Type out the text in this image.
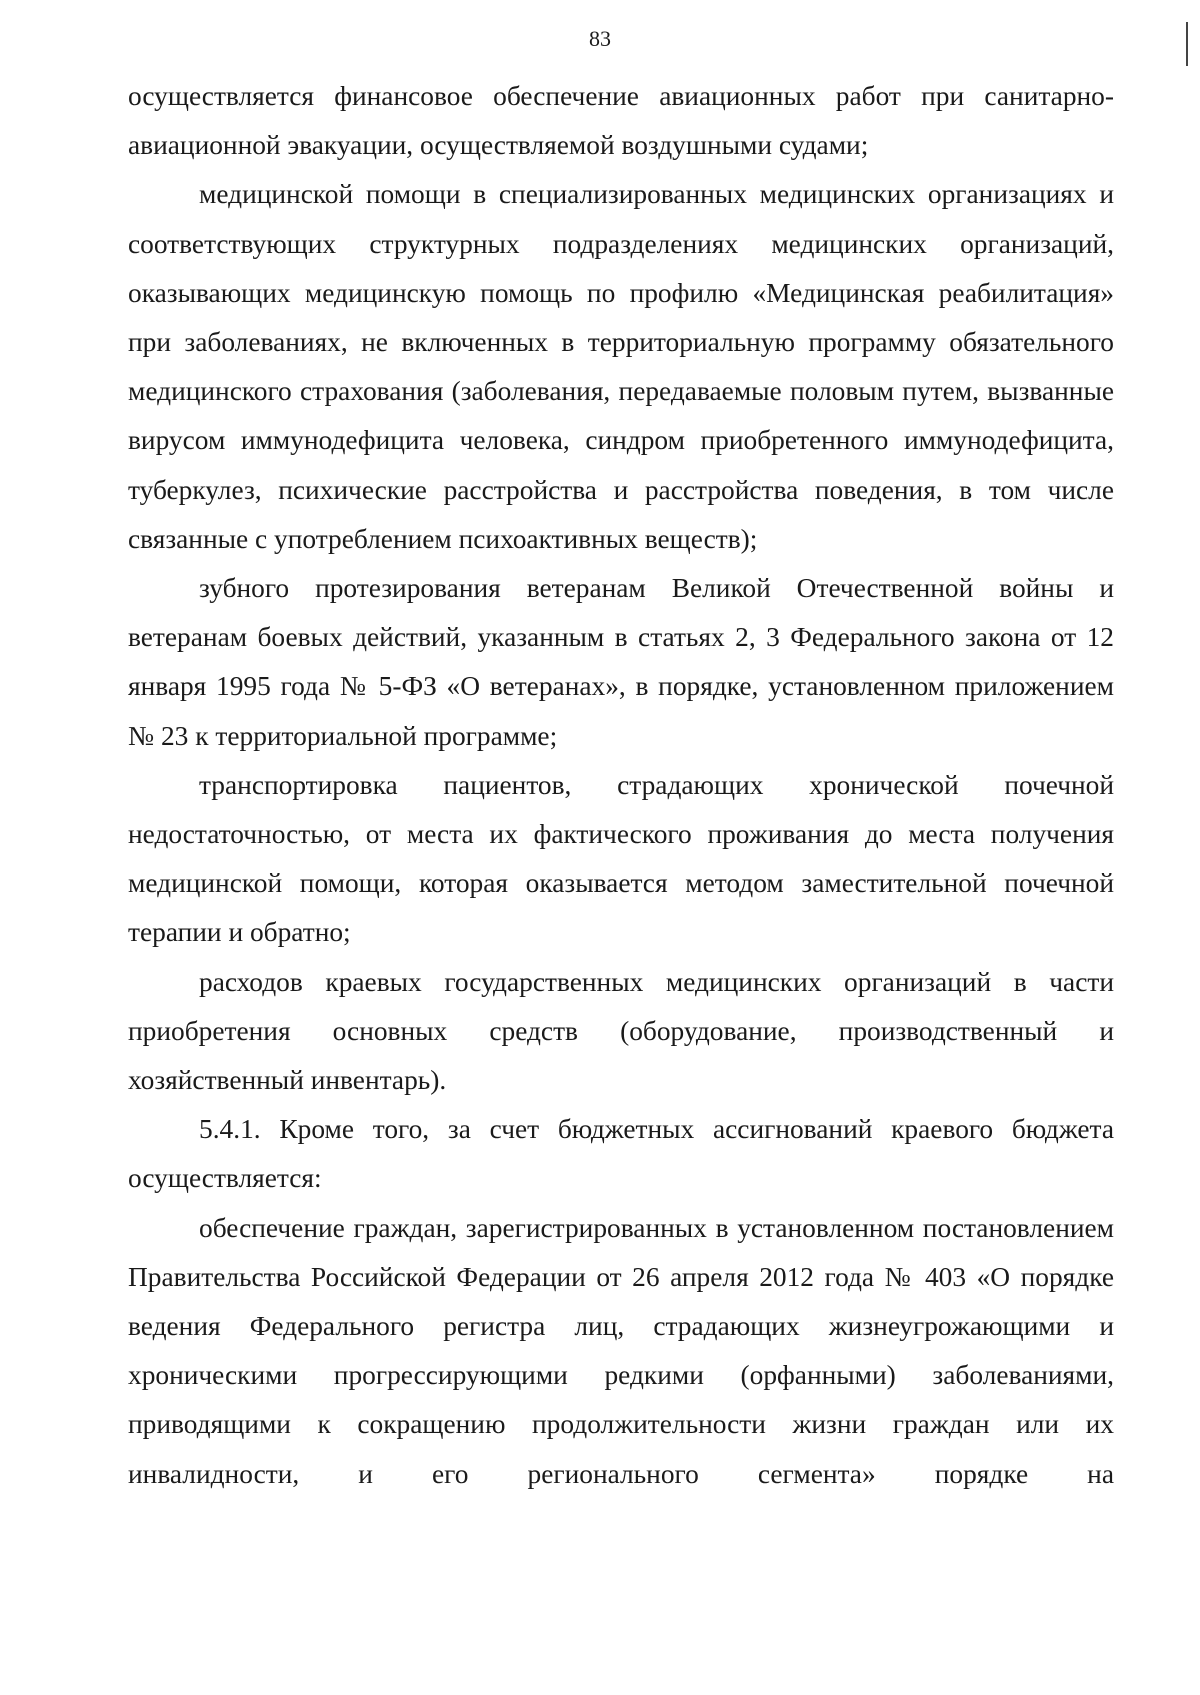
83

осуществляется финансовое обеспечение авиационных работ при санитарно-авиационной эвакуации, осуществляемой воздушными судами;

медицинской помощи в специализированных медицинских организациях и соответствующих структурных подразделениях медицинских организаций, оказывающих медицинскую помощь по профилю «Медицинская реабилитация» при заболеваниях, не включенных в территориальную программу обязательного медицинского страхования (заболевания, передаваемые половым путем, вызванные вирусом иммунодефицита человека, синдром приобретенного иммунодефицита, туберкулез, психические расстройства и расстройства поведения, в том числе связанные с употреблением психоактивных веществ);

зубного протезирования ветеранам Великой Отечественной войны и ветеранам боевых действий, указанным в статьях 2, 3 Федерального закона от 12 января 1995 года № 5-ФЗ «О ветеранах», в порядке, установленном приложением № 23 к территориальной программе;

транспортировка пациентов, страдающих хронической почечной недостаточностью, от места их фактического проживания до места получения медицинской помощи, которая оказывается методом заместительной почечной терапии и обратно;

расходов краевых государственных медицинских организаций в части приобретения основных средств (оборудование, производственный и хозяйственный инвентарь).

5.4.1. Кроме того, за счет бюджетных ассигнований краевого бюджета осуществляется:

обеспечение граждан, зарегистрированных в установленном постановлением Правительства Российской Федерации от 26 апреля 2012 года № 403 «О порядке ведения Федерального регистра лиц, страдающих жизнеугрожающими и хроническими прогрессирующими редкими (орфанными) заболеваниями, приводящими к сокращению продолжительности жизни граждан или их инвалидности, и его регионального сегмента» порядке на
